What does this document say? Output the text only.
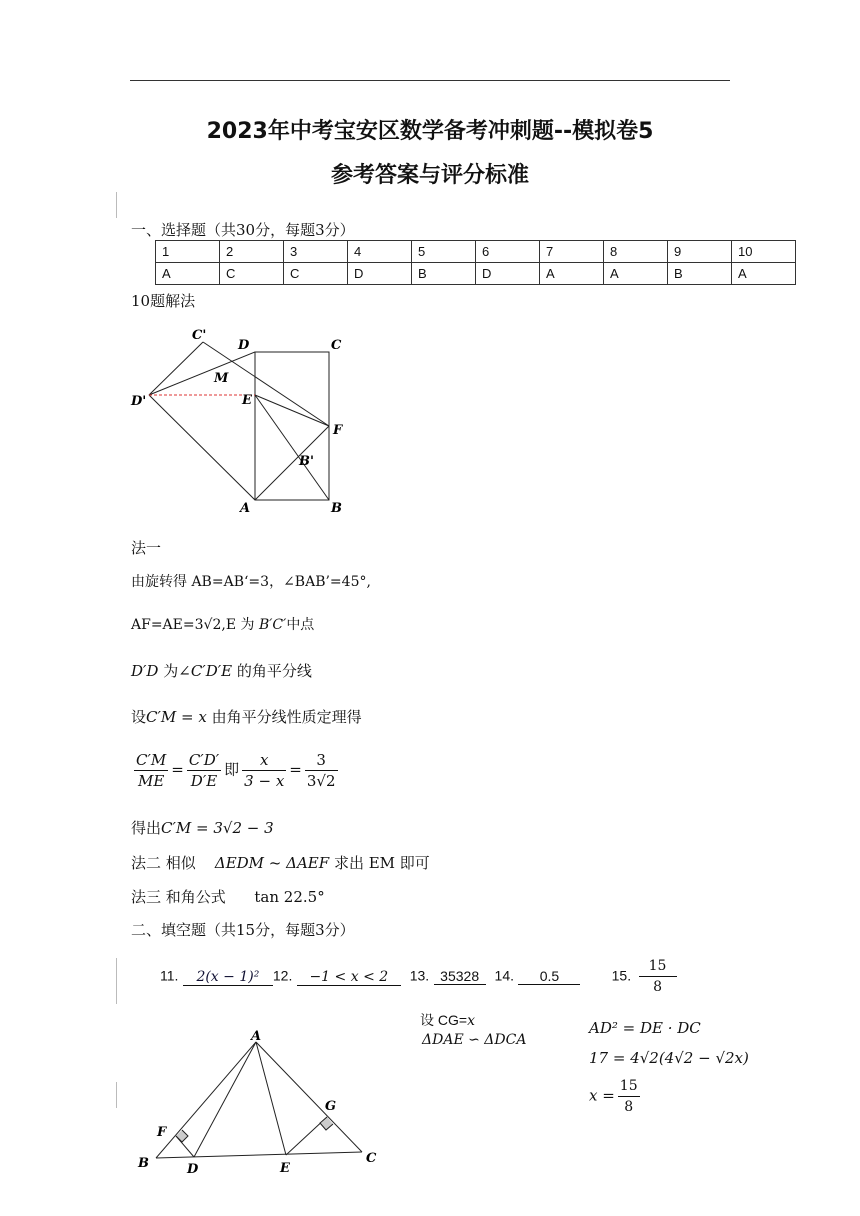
2023年中考宝安区数学备考冲刺题--模拟卷5
参考答案与评分标准
一、选择题（共30分，每题3分）
1	2	3	4	5	6	7	8	9	10
A	C	C	D	B	D	A	A	B	A
10题解法
C'
D	C
M
D'	E
F
B'
A	B
法一
由旋转得 AB=AB‘=3，∠BAB’=45°,
AF=AE=3√2,E 为 B′C′中点
D′D 为∠C′D′E 的角平分线
设C′M = x 由角平分线性质定理得
$\frac{C'M}{ME} = \frac{C'D'}{D'E}$ 即 $\frac{x}{3 - x} = \frac{3}{3√2}$
得出C′M = 3√2 − 3
法二 相似 ΔEDM ~ ΔAEF 求出 EM 即可
法三 和角公式 tan 22.5°
二、填空题（共15分，每题3分）
11. 2(x − 1)² 12. −1 < x < 2 13. 35328 14. 0.5	15. $\frac{15}{8}$
A
F
G
B	D	E
C
设 CG=x
ΔDAE ∽ ΔDCA
AD² = DE · DC
17 = 4√2(4√2 − √2x)
$x = \frac{15}{8}$
